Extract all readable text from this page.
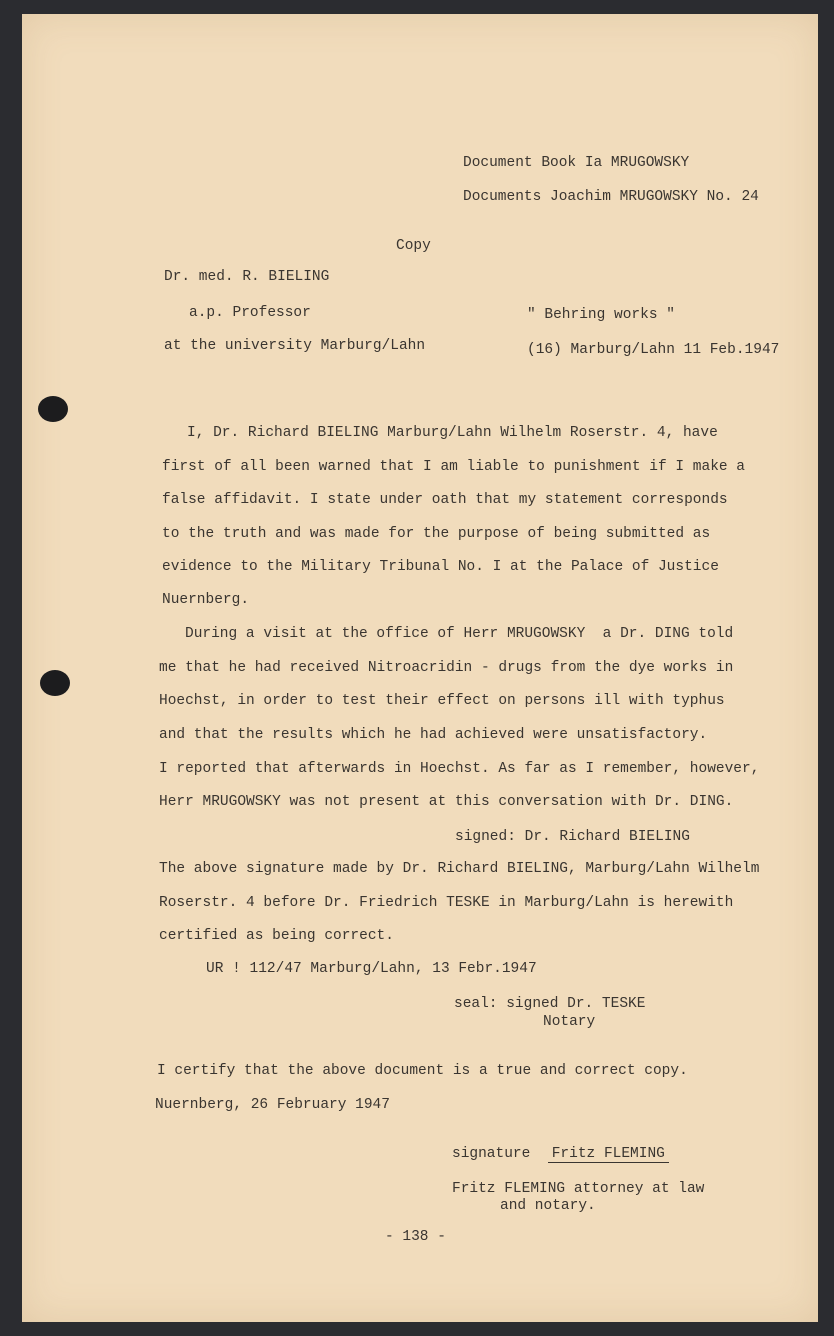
Document Book Ia MRUGOWSKY
Documents Joachim MRUGOWSKY No. 24
Copy
Dr. med. R. BIELING
a.p. Professor	" Behring works "
at the university Marburg/Lahn	(16) Marburg/Lahn 11 Feb.1947
I, Dr. Richard BIELING Marburg/Lahn Wilhelm Roserstr. 4, have
first of all been warned that I am liable to punishment if I make a
false affidavit. I state under oath that my statement corresponds
to the truth and was made for the purpose of being submitted as
evidence to the Military Tribunal No. I at the Palace of Justice
Nuernberg.
During a visit at the office of Herr MRUGOWSKY  a Dr. DING told
me that he had received Nitroacridin - drugs from the dye works in
Hoechst, in order to test their effect on persons ill with typhus
and that the results which he had achieved were unsatisfactory.
I reported that afterwards in Hoechst. As far as I remember, however,
Herr MRUGOWSKY was not present at this conversation with Dr. DING.
signed: Dr. Richard BIELING
The above signature made by Dr. Richard BIELING, Marburg/Lahn Wilhelm
Roserstr. 4 before Dr. Friedrich TESKE in Marburg/Lahn is herewith
certified as being correct.
UR ! 112/47 Marburg/Lahn, 13 Febr.1947
seal: signed Dr. TESKE
Notary
I certify that the above document is a true and correct copy.
Nuernberg, 26 February 1947
signature Fritz FLEMING
Fritz FLEMING attorney at law
and notary.
- 138 -
